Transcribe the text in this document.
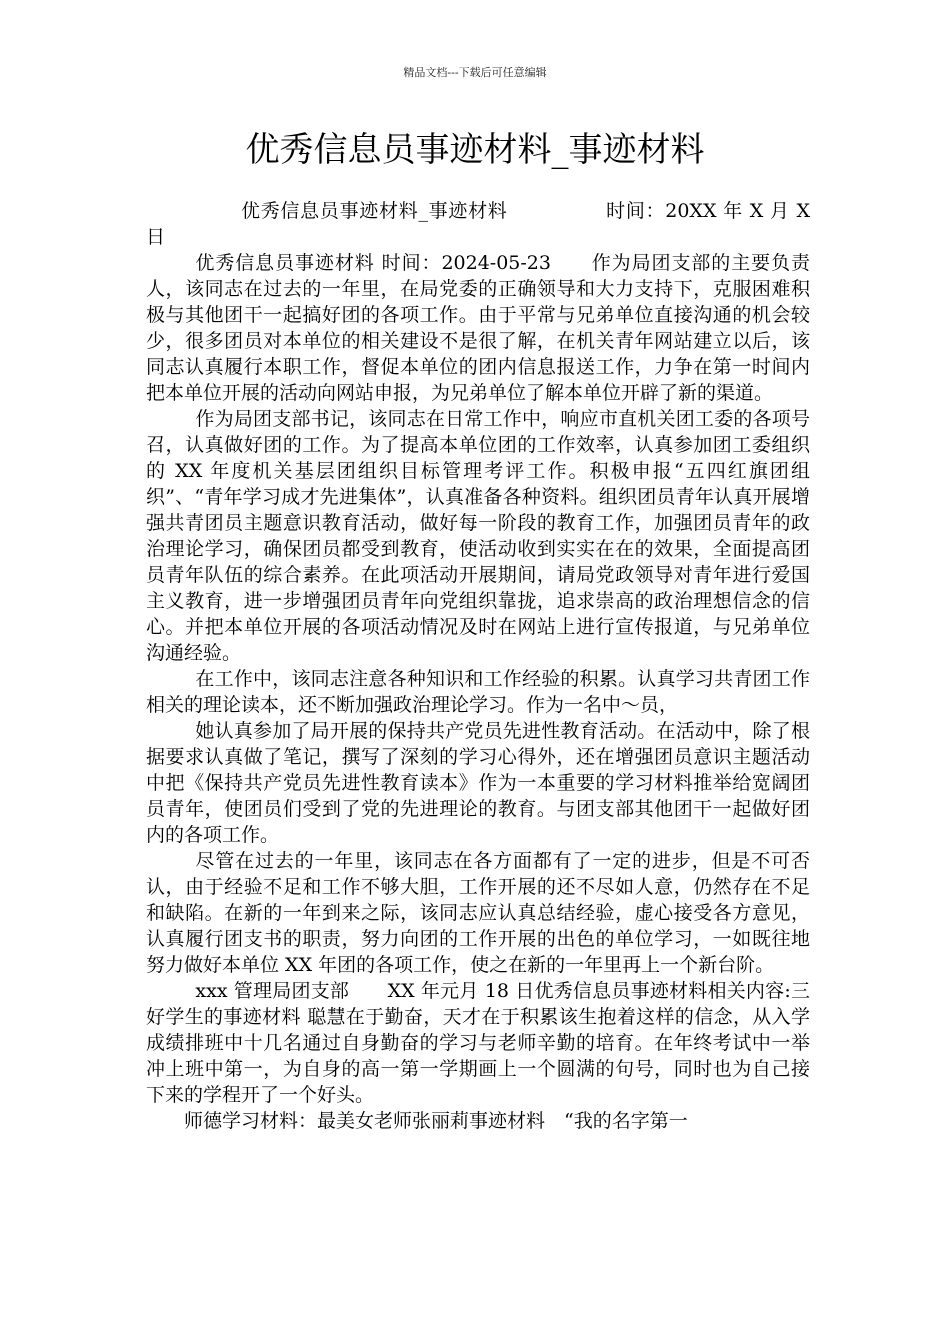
精品文档---下载后可任意编辑
优秀信息员事迹材料_事迹材料

优秀信息员事迹材料_事迹材料　　　　　时间：20XX 年 X 月 X 日

优秀信息员事迹材料 时间：2024-05-23　　作为局团支部的主要负责人，该同志在过去的一年里，在局党委的正确领导和大力支持下，克服困难积极与其他团干一起搞好团的各项工作。由于平常与兄弟单位直接沟通的机会较少，很多团员对本单位的相关建设不是很了解，在机关青年网站建立以后，该同志认真履行本职工作，督促本单位的团内信息报送工作，力争在第一时间内把本单位开展的活动向网站申报，为兄弟单位了解本单位开辟了新的渠道。

作为局团支部书记，该同志在日常工作中，响应市直机关团工委的各项号召，认真做好团的工作。为了提高本单位团的工作效率，认真参加团工委组织的 XX 年度机关基层团组织目标管理考评工作。积极申报“五四红旗团组织”、“青年学习成才先进集体”，认真准备各种资料。组织团员青年认真开展增强共青团员主题意识教育活动，做好每一阶段的教育工作，加强团员青年的政治理论学习，确保团员都受到教育，使活动收到实实在在的效果，全面提高团员青年队伍的综合素养。在此项活动开展期间，请局党政领导对青年进行爱国主义教育，进一步增强团员青年向党组织靠拢，追求崇高的政治理想信念的信心。并把本单位开展的各项活动情况及时在网站上进行宣传报道，与兄弟单位沟通经验。

在工作中，该同志注意各种知识和工作经验的积累。认真学习共青团工作相关的理论读本，还不断加强政治理论学习。作为一名中～员，

她认真参加了局开展的保持共产党员先进性教育活动。在活动中，除了根据要求认真做了笔记，撰写了深刻的学习心得外，还在增强团员意识主题活动中把《保持共产党员先进性教育读本》作为一本重要的学习材料推举给宽阔团员青年，使团员们受到了党的先进理论的教育。与团支部其他团干一起做好团内的各项工作。

尽管在过去的一年里，该同志在各方面都有了一定的进步，但是不可否认，由于经验不足和工作不够大胆，工作开展的还不尽如人意，仍然存在不足和缺陷。在新的一年到来之际，该同志应认真总结经验，虚心接受各方意见，认真履行团支书的职责，努力向团的工作开展的出色的单位学习，一如既往地努力做好本单位 XX 年团的各项工作，使之在新的一年里再上一个新台阶。

xxx 管理局团支部　　XX 年元月 18 日优秀信息员事迹材料相关内容:三好学生的事迹材料 聪慧在于勤奋，天才在于积累该生抱着这样的信念，从入学成绩排班中十几名通过自身勤奋的学习与老师辛勤的培育。在年终考试中一举冲上班中第一，为自身的高一第一学期画上一个圆满的句号，同时也为自己接下来的学程开了一个好头。

师德学习材料：最美女老师张丽莉事迹材料　“我的名字第一
